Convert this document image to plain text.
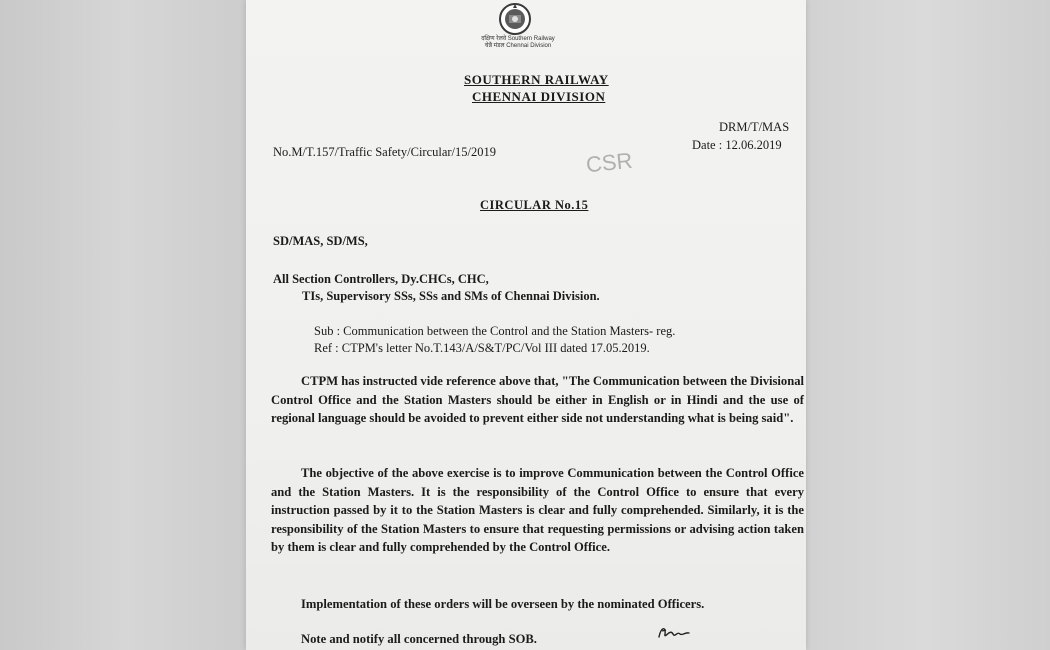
दक्षिण रेलवे Southern Railway
चेन्नै मंडल Chennai Division
SOUTHERN RAILWAY
CHENNAI DIVISION
DRM/T/MAS
Date : 12.06.2019
No.M/T.157/Traffic Safety/Circular/15/2019	CSR
CIRCULAR No.15
SD/MAS, SD/MS,
All Section Controllers, Dy.CHCs, CHC,
TIs, Supervisory SSs, SSs and SMs of Chennai Division.
Sub : Communication between the Control and the Station Masters- reg.
Ref : CTPM's letter No.T.143/A/S&T/PC/Vol III dated 17.05.2019.
CTPM has instructed vide reference above that, "The Communication between the Divisional Control Office and the Station Masters should be either in English or in Hindi and the use of regional language should be avoided to prevent either side not understanding what is being said".
The objective of the above exercise is to improve Communication between the Control Office and the Station Masters. It is the responsibility of the Control Office to ensure that every instruction passed by it to the Station Masters is clear and fully comprehended. Similarly, it is the responsibility of the Station Masters to ensure that requesting permissions or advising action taken by them is clear and fully comprehended by the Control Office.
Implementation of these orders will be overseen by the nominated Officers.
Note and notify all concerned through SOB.
